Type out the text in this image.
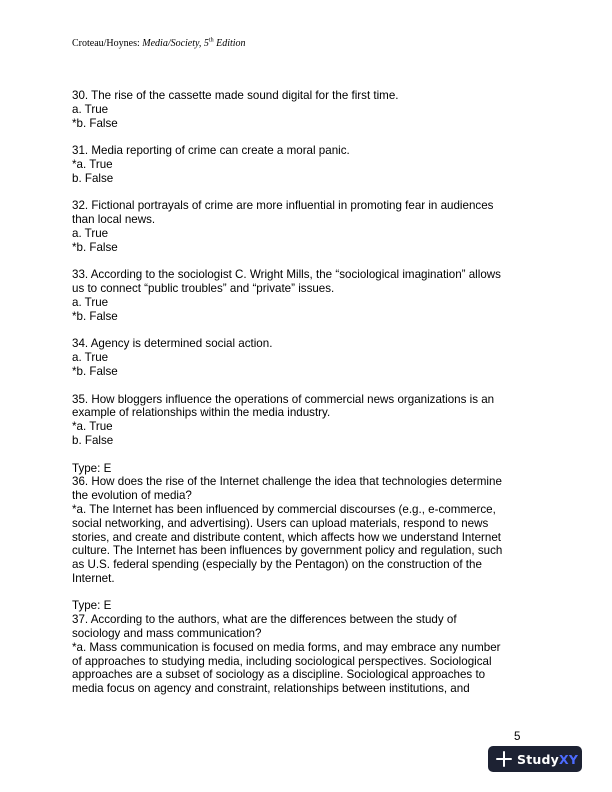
Croteau/Hoynes: Media/Society, 5th Edition

30. The rise of the cassette made sound digital for the first time.

a. True

*b. False

31. Media reporting of crime can create a moral panic.

*a. True

b. False

32. Fictional portrayals of crime are more influential in promoting fear in audiences

than local news.

a. True

*b. False

33. According to the sociologist C. Wright Mills, the “sociological imagination” allows

us to connect “public troubles” and “private” issues.

a. True

*b. False

34. Agency is determined social action.

a. True

*b. False

35. How bloggers influence the operations of commercial news organizations is an

example of relationships within the media industry.

*a. True

b. False

Type: E

36. How does the rise of the Internet challenge the idea that technologies determine

the evolution of media?

*a. The Internet has been influenced by commercial discourses (e.g., e-commerce,

social networking, and advertising). Users can upload materials, respond to news

stories, and create and distribute content, which affects how we understand Internet

culture. The Internet has been influences by government policy and regulation, such

as U.S. federal spending (especially by the Pentagon) on the construction of the

Internet.

Type: E

37. According to the authors, what are the differences between the study of

sociology and mass communication?

*a. Mass communication is focused on media forms, and may embrace any number

of approaches to studying media, including sociological perspectives. Sociological

approaches are a subset of sociology as a discipline. Sociological approaches to

media focus on agency and constraint, relationships between institutions, and

5
StudyXY
